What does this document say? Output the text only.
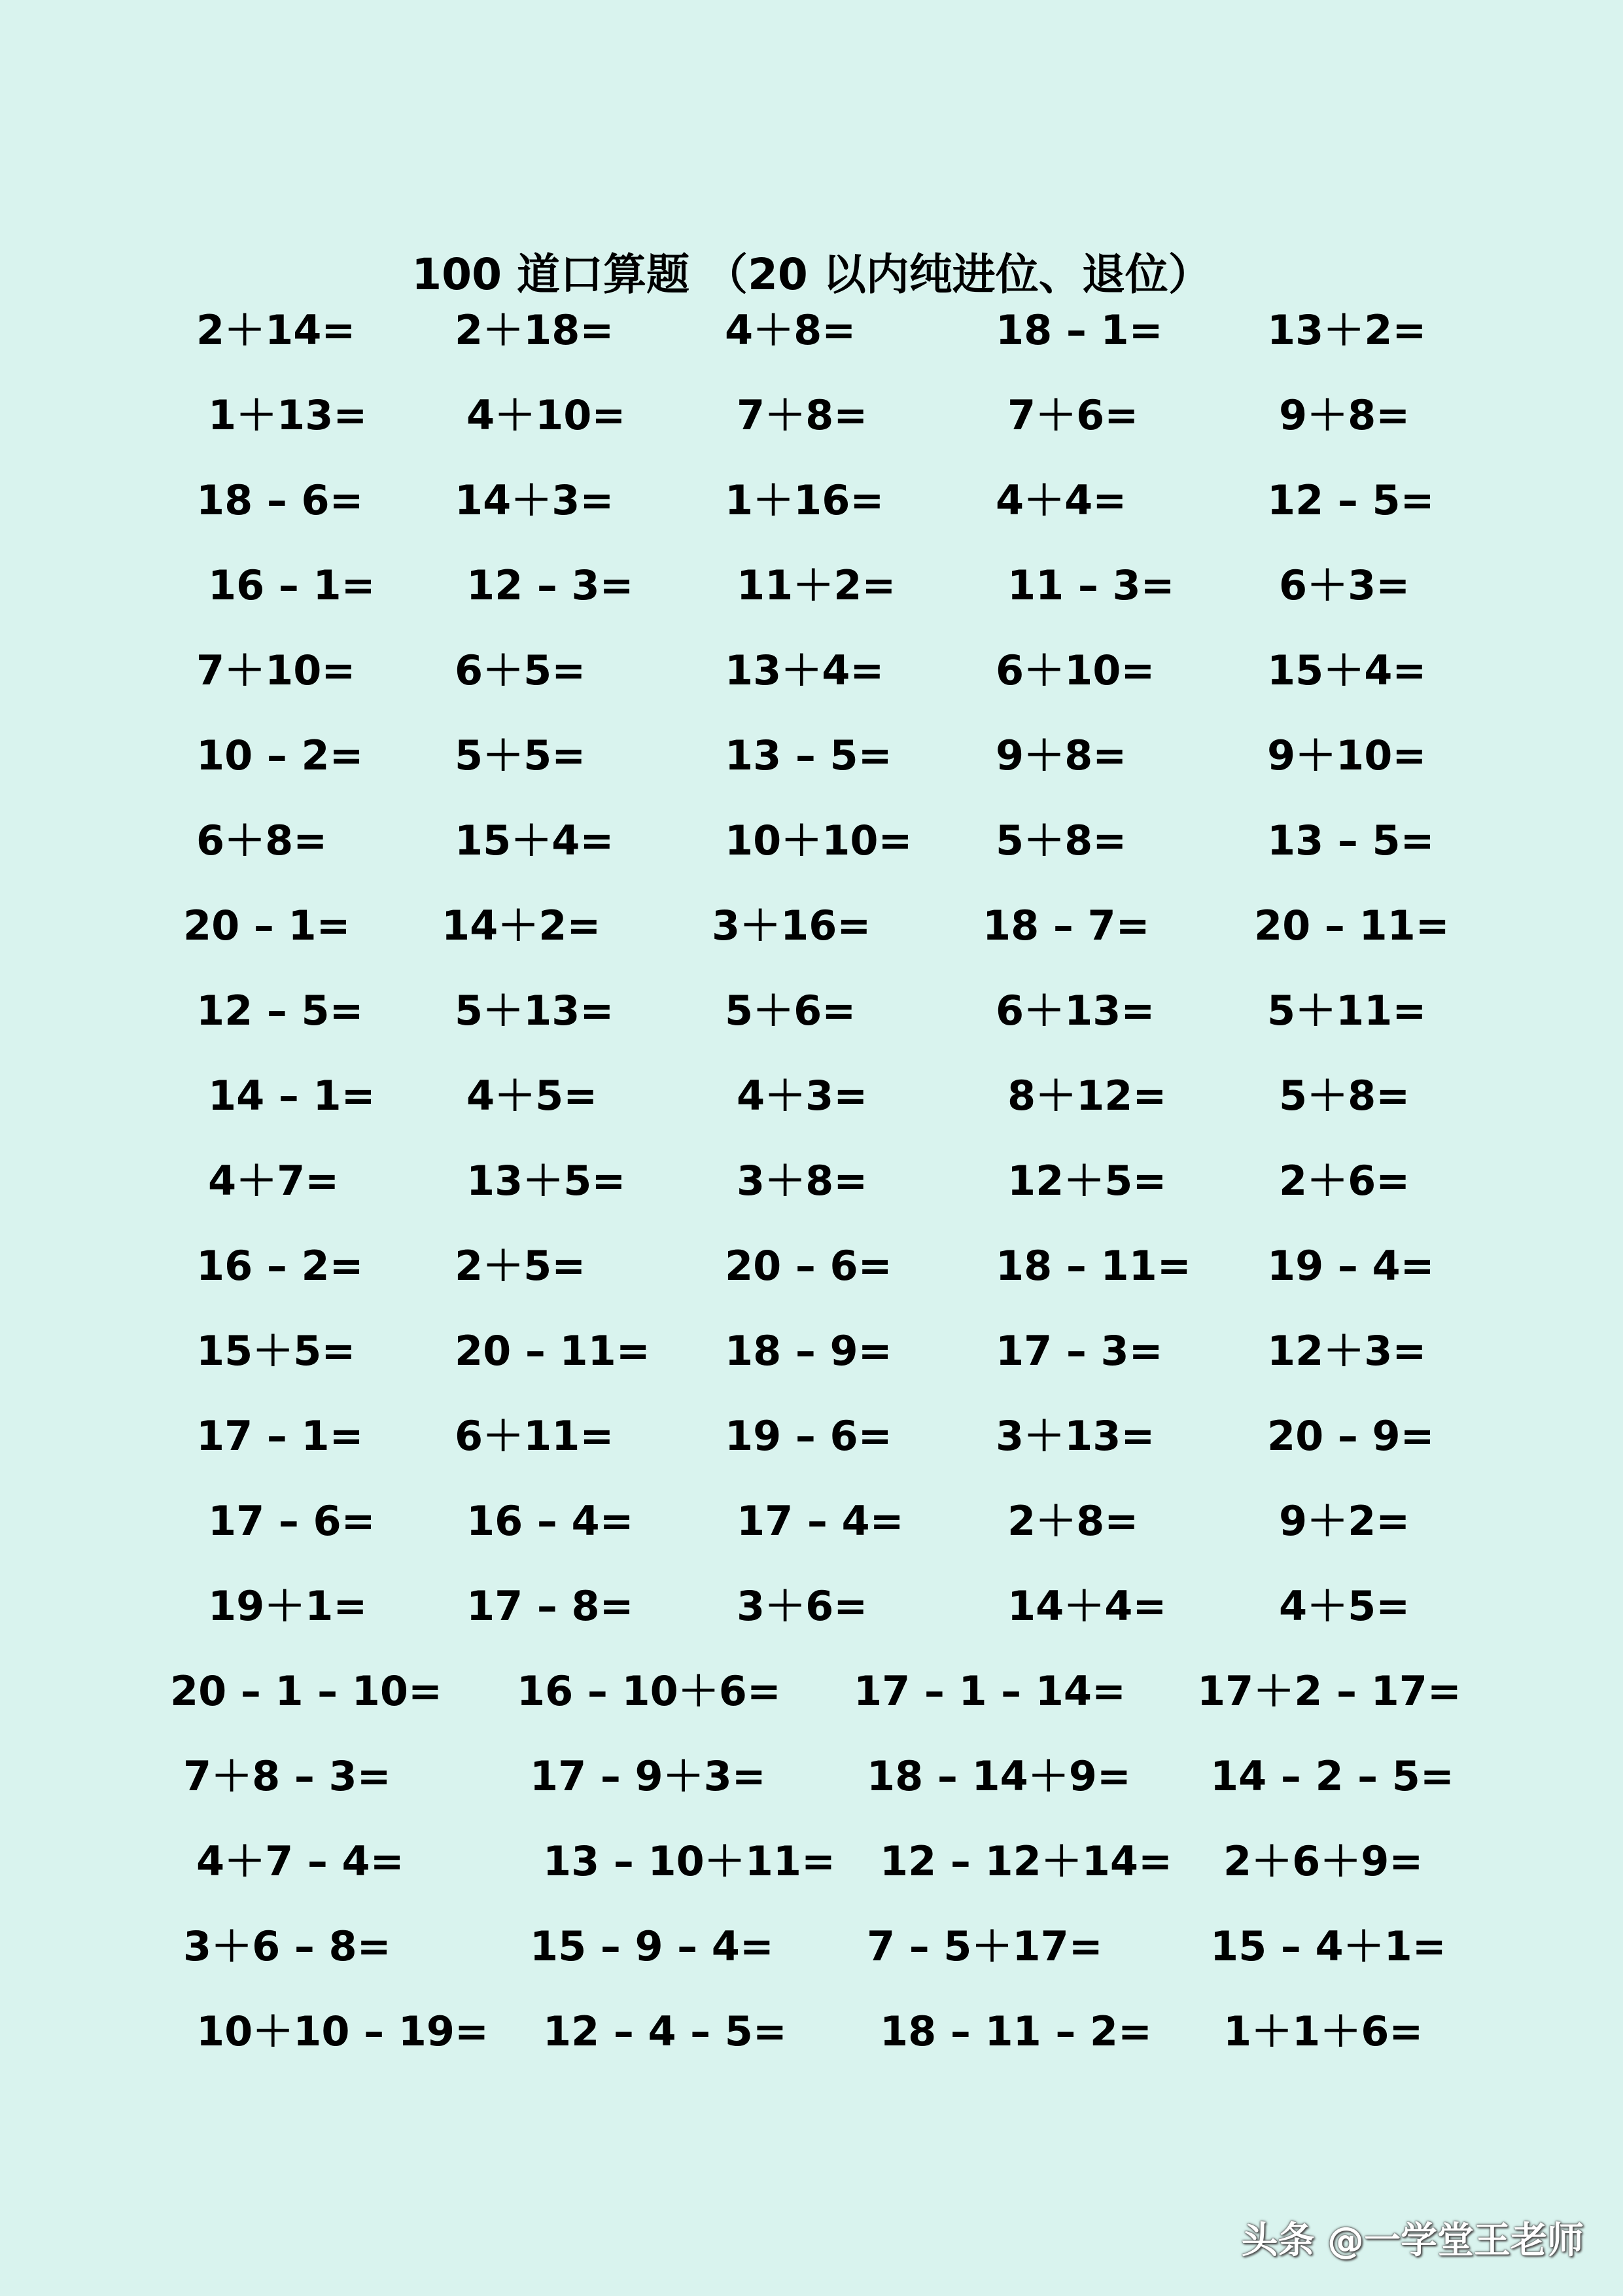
100 道口算题 （20 以内纯进位、退位）
2＋14= 2＋18=	4＋8=	18 – 1=	13＋2=
1＋13= 4＋10=	7＋8=	7＋6=	9＋8=
18 – 6= 14＋3=	1＋16=	4＋4=	12 – 5=
16 – 1= 12 – 3=	11＋2=	11 – 3=	6＋3=
7＋10= 6＋5=	13＋4=	6＋10=	15＋4=
10 – 2= 5＋5=	13 – 5=	9＋8=	9＋10=
6＋8=	15＋4=	10＋10= 5＋8=	13 – 5=
20 – 1= 14＋2=	3＋16=	18 – 7=	20 – 11=
12 – 5= 5＋13=	5＋6=	6＋13=	5＋11=
14 – 1= 4＋5=	4＋3=	8＋12=	5＋8=
4＋7=	13＋5=	3＋8=	12＋5=	2＋6=
16 – 2= 2＋5=	20 – 6=	18 – 11= 19 – 4=
15＋5= 20 – 11= 18 – 9=	17 – 3=	12＋3=
17 – 1= 6＋11=	19 – 6=	3＋13=	20 – 9=
17 – 6= 16 – 4=	17 – 4=	2＋8=	9＋2=
19＋1= 17 – 8=	3＋6=	14＋4=	4＋5=
20 – 1 – 10= 16 – 10＋6= 17 – 1 – 14= 17＋2 – 17=
7＋8 – 3=	17 – 9＋3= 18 – 14＋9= 14 – 2 – 5=
4＋7 – 4=	13 – 10＋11= 12 – 12＋14= 2＋6＋9=
3＋6 – 8=	15 – 9 – 4= 7 – 5＋17=	15 – 4＋1=
10＋10 – 19= 12 – 4 – 5= 18 – 11 – 2= 1＋1＋6=
头条 @一学堂王老师
